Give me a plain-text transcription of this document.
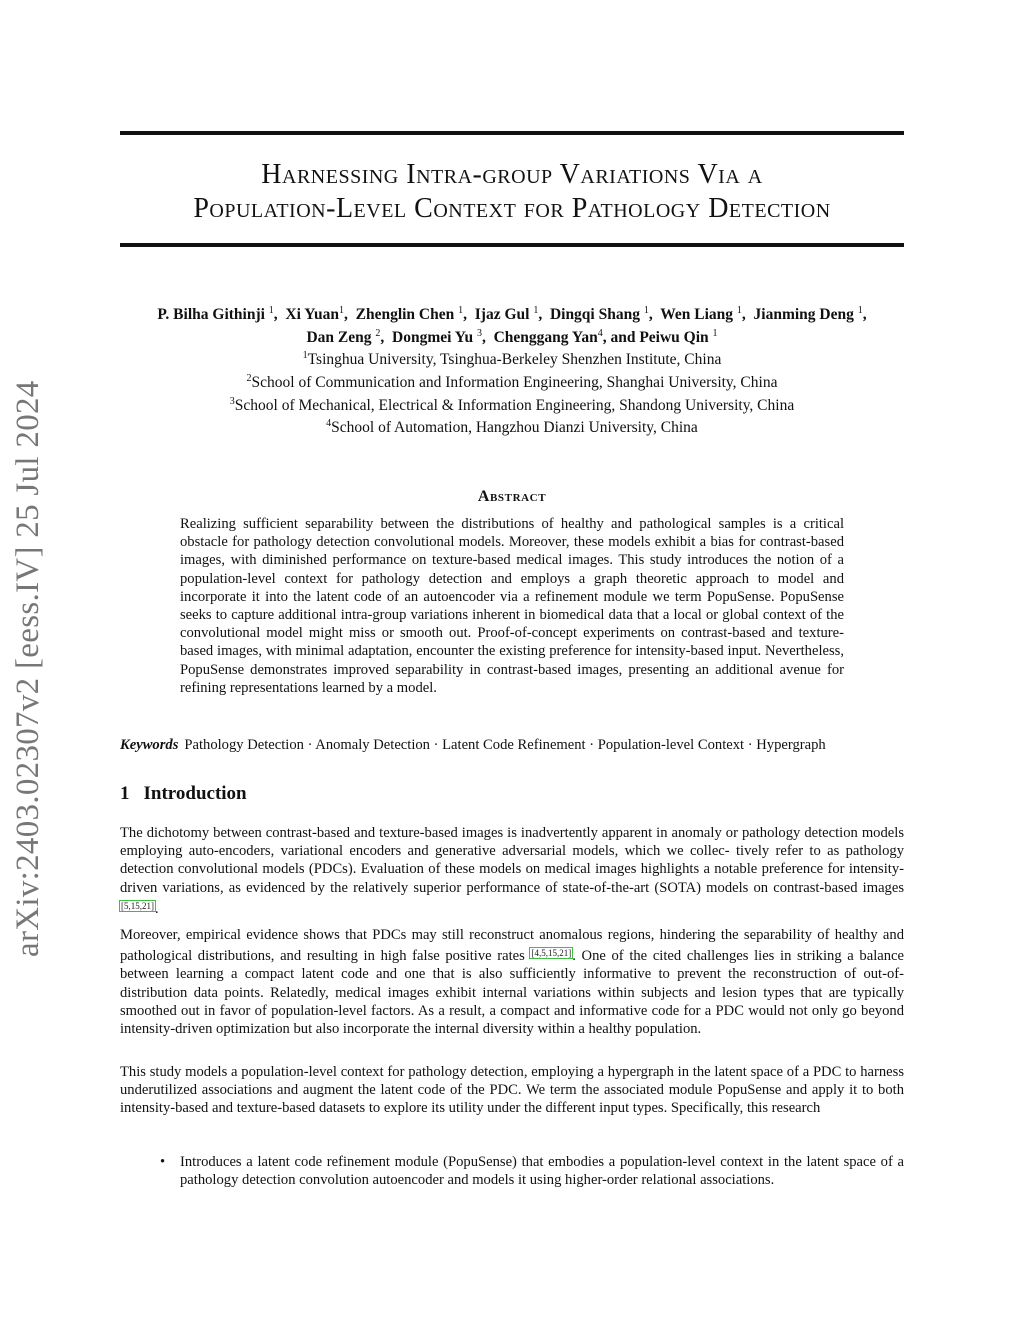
Harnessing Intra-group Variations Via a
Population-Level Context for Pathology Detection
arXiv:2403.02307v2 [eess.IV] 25 Jul 2024
P. Bilha Githinji $^1$,  Xi Yuan$^1$,  Zhenglin Chen $^1$,  Ijaz Gul $^1$,  Dingqi Shang $^1$,  Wen Liang $^1$,  Jianming Deng $^1$,
Dan Zeng $^2$,  Dongmei Yu $^3$,  Chenggang Yan$^4$, and Peiwu Qin $^1$
$^1$Tsinghua University, Tsinghua-Berkeley Shenzhen Institute, China
$^2$School of Communication and Information Engineering, Shanghai University, China
$^3$School of Mechanical, Electrical & Information Engineering, Shandong University, China
$^4$School of Automation, Hangzhou Dianzi University, China
Abstract
Realizing sufficient separability between the distributions of healthy and pathological samples is a critical obstacle for pathology detection convolutional models. Moreover, these models exhibit a bias for contrast-based images, with diminished performance on texture-based medical images. This study introduces the notion of a population-level context for pathology detection and employs a graph theoretic approach to model and incorporate it into the latent code of an autoencoder via a refinement module we term PopuSense. PopuSense seeks to capture additional intra-group variations inherent in biomedical data that a local or global context of the convolutional model might miss or smooth out. Proof-of-concept experiments on contrast-based and texture-based images, with minimal adaptation, encounter the existing preference for intensity-based input. Nevertheless, PopuSense demonstrates improved separability in contrast-based images, presenting an additional avenue for refining representations learned by a model.
Keywords Pathology Detection · Anomaly Detection · Latent Code Refinement · Population-level Context · Hypergraph
1 Introduction

The dichotomy between contrast-based and texture-based images is inadvertently apparent in anomaly or pathology detection models employing auto-encoders, variational encoders and generative adversarial models, which we collec- tively refer to as pathology detection convolutional models (PDCs). Evaluation of these models on medical images highlights a notable preference for intensity-driven variations, as evidenced by the relatively superior performance of state-of-the-art (SOTA) models on contrast-based images [5,15,21].

Moreover, empirical evidence shows that PDCs may still reconstruct anomalous regions, hindering the separability of healthy and pathological distributions, and resulting in high false positive rates [4,5,15,21]. One of the cited challenges lies in striking a balance between learning a compact latent code and one that is also sufficiently informative to prevent the reconstruction of out-of-distribution data points. Relatedly, medical images exhibit internal variations within subjects and lesion types that are typically smoothed out in favor of population-level factors. As a result, a compact and informative code for a PDC would not only go beyond intensity-driven optimization but also incorporate the internal diversity within a healthy population.

This study models a population-level context for pathology detection, employing a hypergraph in the latent space of a PDC to harness underutilized associations and augment the latent code of the PDC. We term the associated module PopuSense and apply it to both intensity-based and texture-based datasets to explore its utility under the different input types. Specifically, this research

• Introduces a latent code refinement module (PopuSense) that embodies a population-level context in the latent space of a pathology detection convolution autoencoder and models it using higher-order relational associations.
